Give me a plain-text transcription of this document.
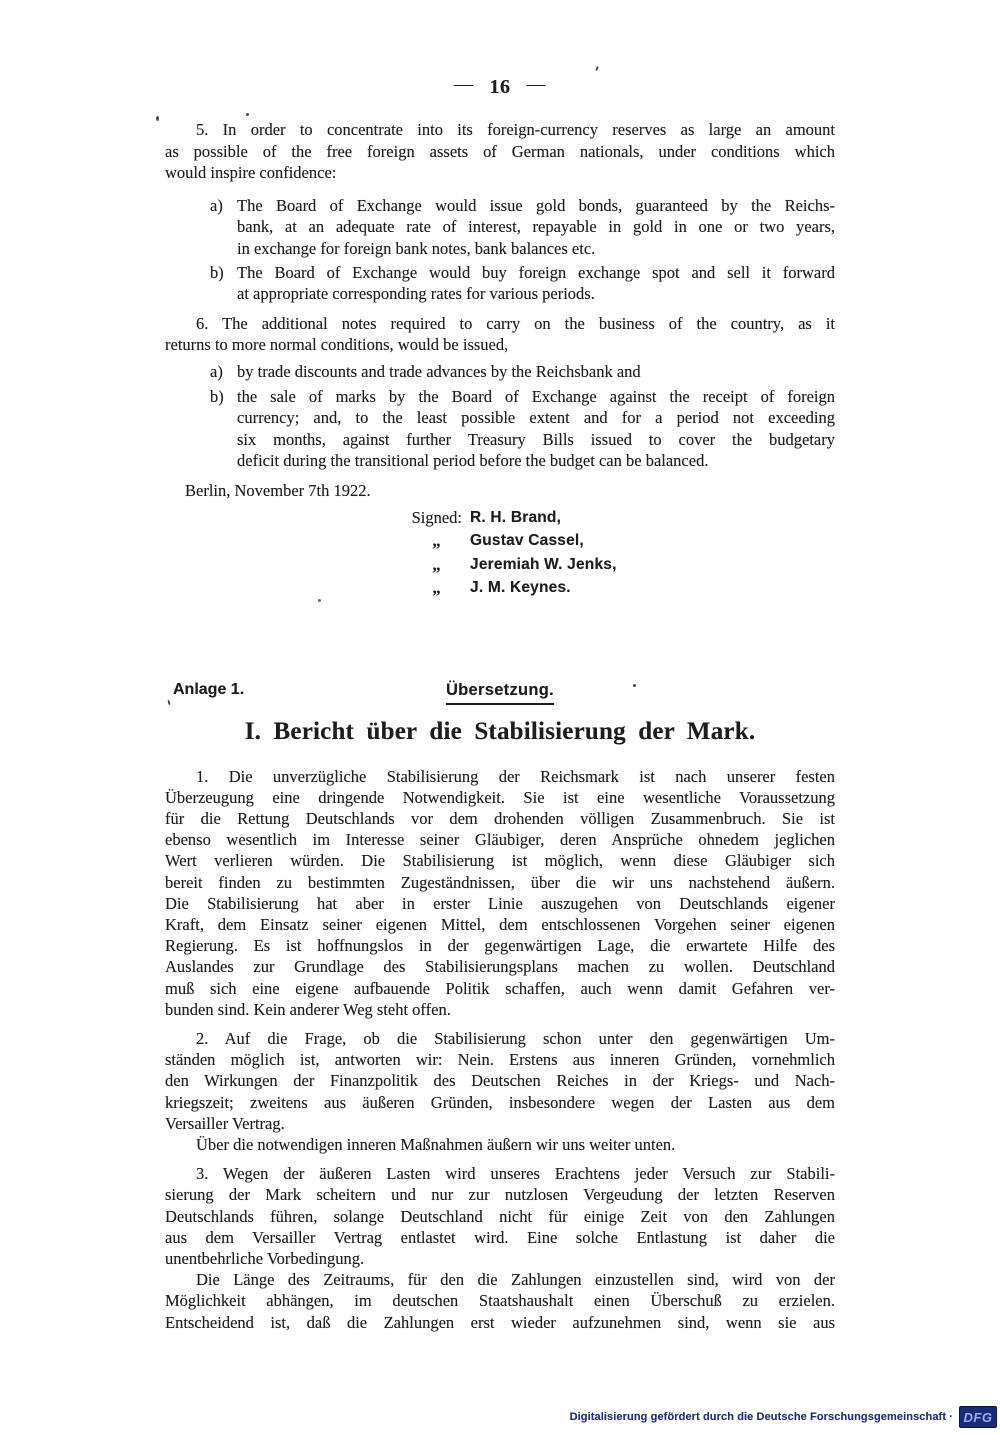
— 16 —
5. In order to concentrate into its foreign-currency reserves as large an amount
as possible of the free foreign assets of German nationals, under conditions which
would inspire confidence:
a) The Board of Exchange would issue gold bonds, guaranteed by the Reichs-
bank, at an adequate rate of interest, repayable in gold in one or two years,
in exchange for foreign bank notes, bank balances etc.
b) The Board of Exchange would buy foreign exchange spot and sell it forward
at appropriate corresponding rates for various periods.
6. The additional notes required to carry on the business of the country, as it
returns to more normal conditions, would be issued,
a) by trade discounts and trade advances by the Reichsbank and
b) the sale of marks by the Board of Exchange against the receipt of foreign
currency; and, to the least possible extent and for a period not exceeding
six months, against further Treasury Bills issued to cover the budgetary
deficit during the transitional period before the budget can be balanced.
Berlin, November 7th 1922.
Signed: R. H. Brand,
„	Gustav Cassel,
„	Jeremiah W. Jenks,
„	J. M. Keynes.
Anlage 1.	Übersetzung.
I. Bericht über die Stabilisierung der Mark.
1. Die unverzügliche Stabilisierung der Reichsmark ist nach unserer festen
Überzeugung eine dringende Notwendigkeit. Sie ist eine wesentliche Voraussetzung
für die Rettung Deutschlands vor dem drohenden völligen Zusammenbruch. Sie ist
ebenso wesentlich im Interesse seiner Gläubiger, deren Ansprüche ohnedem jeglichen
Wert verlieren würden. Die Stabilisierung ist möglich, wenn diese Gläubiger sich
bereit finden zu bestimmten Zugeständnissen, über die wir uns nachstehend äußern.
Die Stabilisierung hat aber in erster Linie auszugehen von Deutschlands eigener
Kraft, dem Einsatz seiner eigenen Mittel, dem entschlossenen Vorgehen seiner eigenen
Regierung. Es ist hoffnungslos in der gegenwärtigen Lage, die erwartete Hilfe des
Auslandes zur Grundlage des Stabilisierungsplans machen zu wollen. Deutschland
muß sich eine eigene aufbauende Politik schaffen, auch wenn damit Gefahren ver-
bunden sind. Kein anderer Weg steht offen.
2. Auf die Frage, ob die Stabilisierung schon unter den gegenwärtigen Um-
ständen möglich ist, antworten wir: Nein. Erstens aus inneren Gründen, vornehmlich
den Wirkungen der Finanzpolitik des Deutschen Reiches in der Kriegs- und Nach-
kriegszeit; zweitens aus äußeren Gründen, insbesondere wegen der Lasten aus dem
Versailler Vertrag.
Über die notwendigen inneren Maßnahmen äußern wir uns weiter unten.
3. Wegen der äußeren Lasten wird unseres Erachtens jeder Versuch zur Stabili-
sierung der Mark scheitern und nur zur nutzlosen Vergeudung der letzten Reserven
Deutschlands führen, solange Deutschland nicht für einige Zeit von den Zahlungen
aus dem Versailler Vertrag entlastet wird. Eine solche Entlastung ist daher die
unentbehrliche Vorbedingung.
Die Länge des Zeitraums, für den die Zahlungen einzustellen sind, wird von der
Möglichkeit abhängen, im deutschen Staatshaushalt einen Überschuß zu erzielen.
Entscheidend ist, daß die Zahlungen erst wieder aufzunehmen sind, wenn sie aus
Digitalisierung gefördert durch die Deutsche Forschungsgemeinschaft · DFG
